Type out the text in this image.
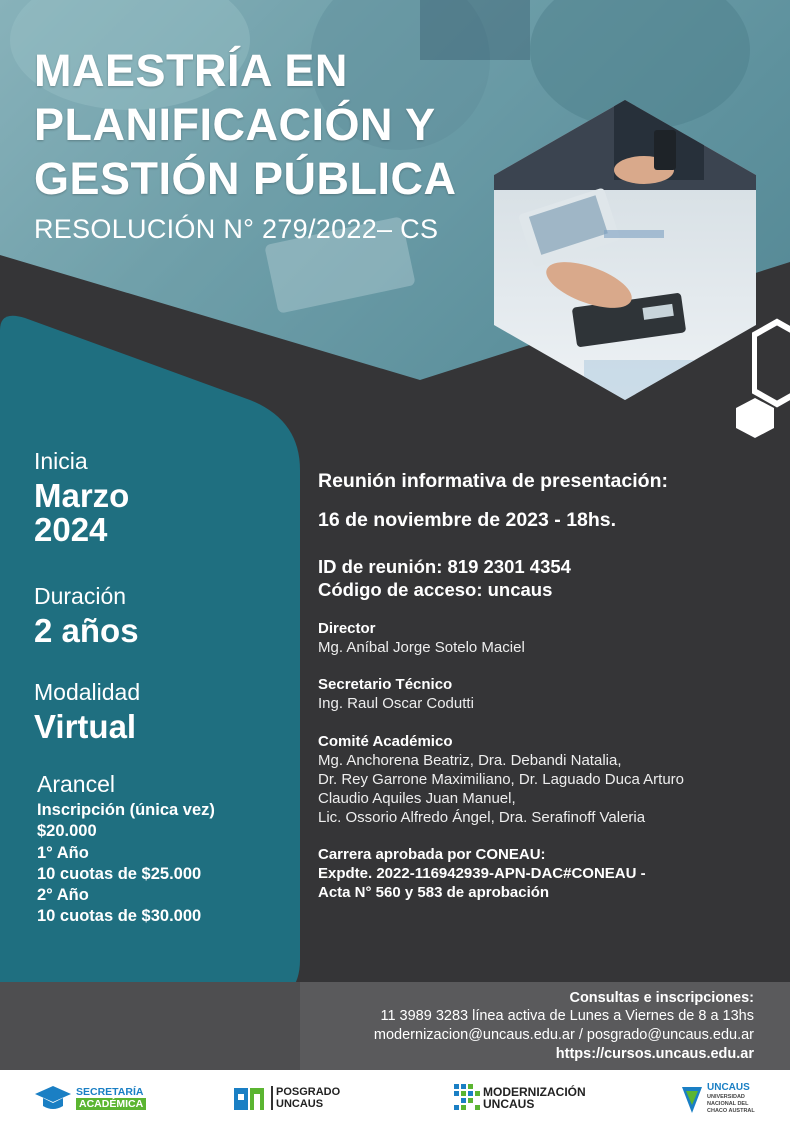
MAESTRÍA EN
PLANIFICACIÓN Y
GESTIÓN PÚBLICA
RESOLUCIÓN N° 279/2022– CS
Inicia
Marzo
2024
Duración
2 años
Modalidad
Virtual
Arancel
Inscripción (única vez)
$20.000
1° Año
10 cuotas de $25.000
2° Año
10 cuotas de $30.000
Reunión informativa de presentación:
16 de noviembre de 2023 - 18hs.
ID de reunión: 819 2301 4354
Código de acceso: uncaus
Director
Mg. Aníbal Jorge Sotelo Maciel
Secretario Técnico
Ing. Raul Oscar Codutti
Comité Académico
Mg. Anchorena Beatriz, Dra. Debandi Natalia,
Dr. Rey Garrone Maximiliano, Dr. Laguado Duca Arturo
Claudio Aquiles Juan Manuel,
Lic. Ossorio Alfredo Ángel, Dra. Serafinoff Valeria
Carrera aprobada por CONEAU:
Expdte. 2022-116942939-APN-DAC#CONEAU -
Acta N° 560 y 583 de aprobación
Consultas e inscripciones:
11 3989 3283 línea activa de Lunes a Viernes de 8 a 13hs
modernizacion@uncaus.edu.ar / posgrado@uncaus.edu.ar
https://cursos.uncaus.edu.ar
SECRETARÍA
ACADÉMICA
POSGRADO
UNCAUS
MODERNIZACIÓN
UNCAUS
UNCAUS
UNIVERSIDAD
NACIONAL DEL
CHACO AUSTRAL
